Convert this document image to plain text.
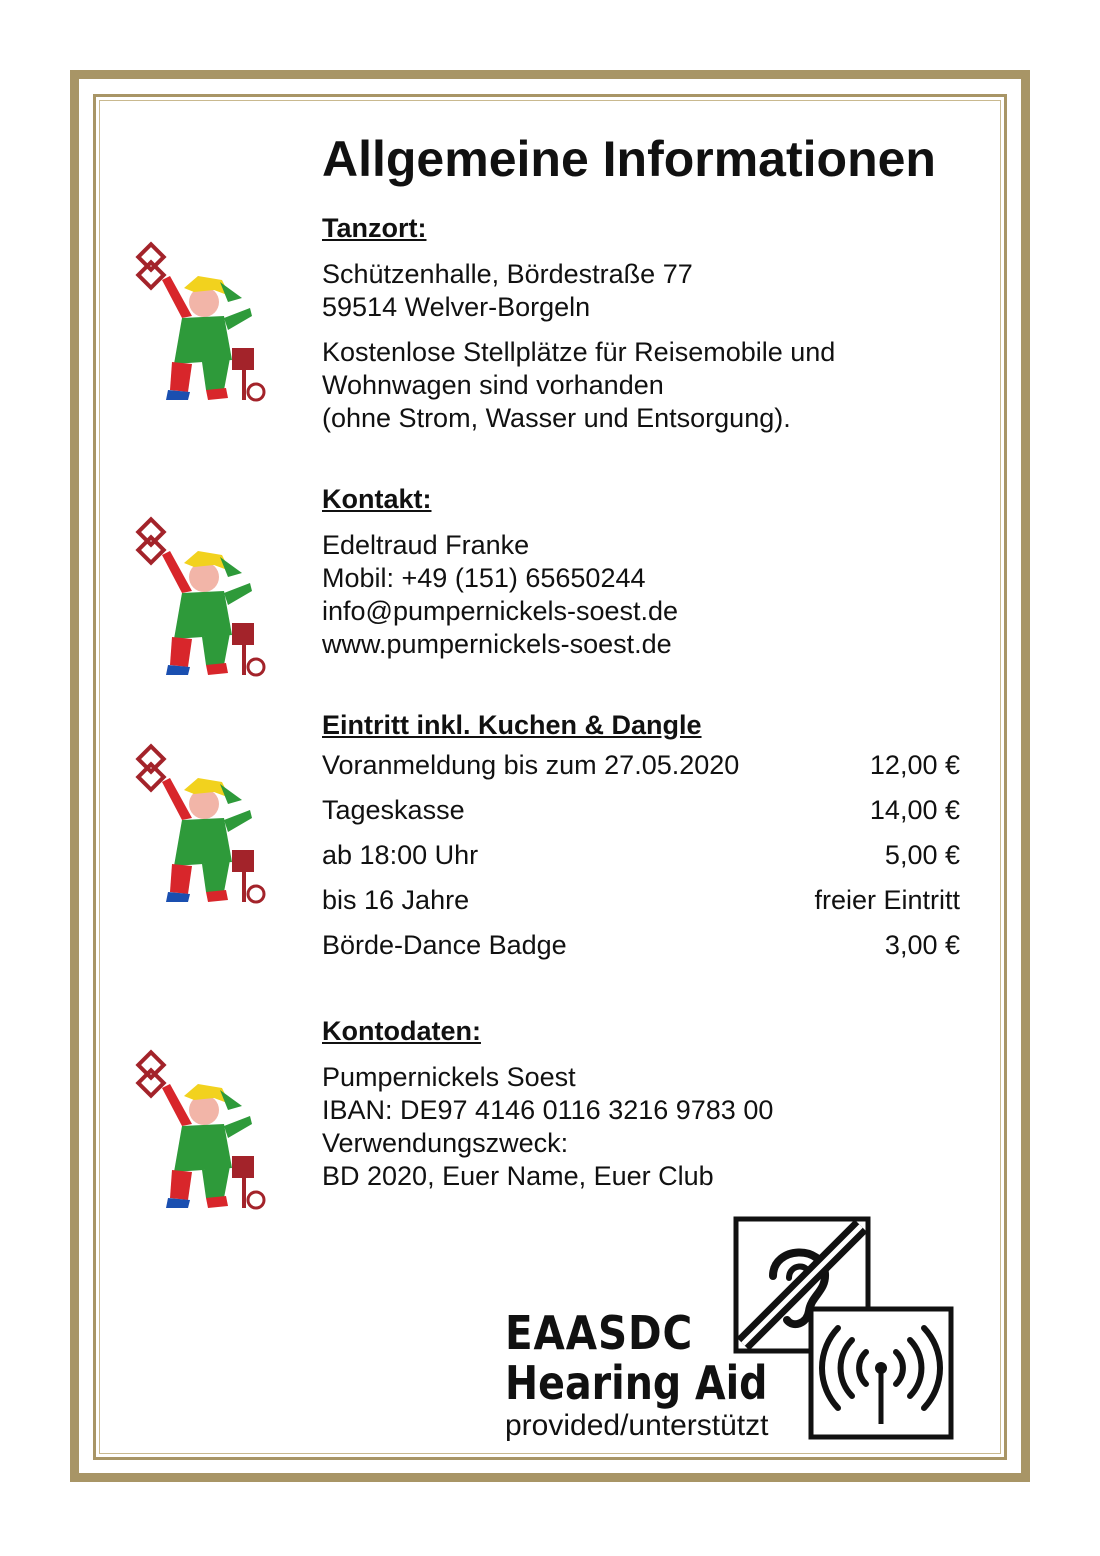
Allgemeine Informationen
Tanzort:
Schützenhalle, Bördestraße 77
59514 Welver-Borgeln
Kostenlose Stellplätze für Reisemobile und
Wohnwagen sind vorhanden
(ohne Strom, Wasser und Entsorgung).
Kontakt:
Edeltraud Franke
Mobil: +49 (151) 65650244
info@pumpernickels-soest.de
www.pumpernickels-soest.de
Eintritt inkl. Kuchen & Dangle
Voranmeldung bis zum 27.05.2020	12,00 €
Tageskasse	14,00 €
ab 18:00 Uhr	5,00 €
bis 16 Jahre	freier Eintritt
Börde-Dance Badge	3,00 €
Kontodaten:
Pumpernickels Soest
IBAN: DE97 4146 0116 3216 9783 00
Verwendungszweck:
BD 2020, Euer Name, Euer Club
EAASDC
Hearing Aid
provided/unterstützt
